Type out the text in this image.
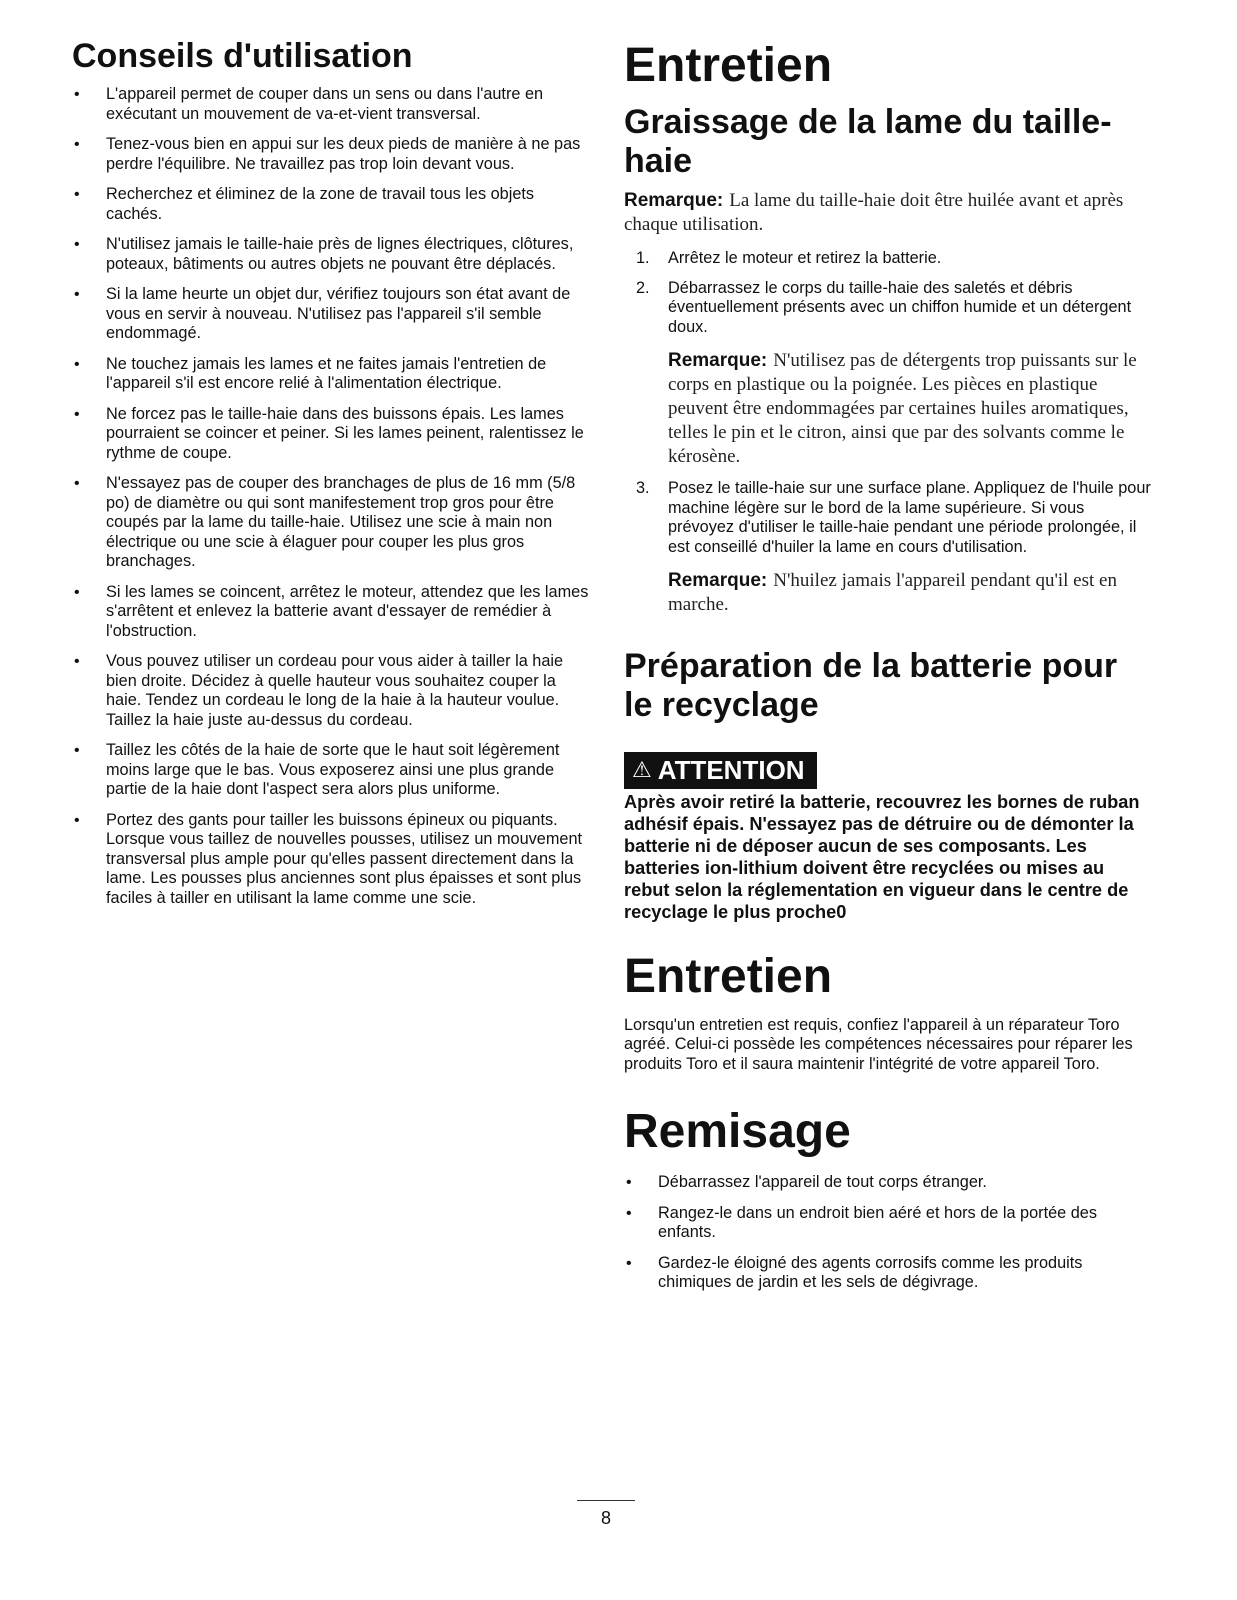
Conseils d'utilisation
• L'appareil permet de couper dans un sens ou dans l'autre en exécutant un mouvement de va-et-vient transversal.
• Tenez-vous bien en appui sur les deux pieds de manière à ne pas perdre l'équilibre. Ne travaillez pas trop loin devant vous.
• Recherchez et éliminez de la zone de travail tous les objets cachés.
• N'utilisez jamais le taille-haie près de lignes électriques, clôtures, poteaux, bâtiments ou autres objets ne pouvant être déplacés.
• Si la lame heurte un objet dur, vérifiez toujours son état avant de vous en servir à nouveau. N'utilisez pas l'appareil s'il semble endommagé.
• Ne touchez jamais les lames et ne faites jamais l'entretien de l'appareil s'il est encore relié à l'alimentation électrique.
• Ne forcez pas le taille-haie dans des buissons épais. Les lames pourraient se coincer et peiner. Si les lames peinent, ralentissez le rythme de coupe.
• N'essayez pas de couper des branchages de plus de 16 mm (5/8 po) de diamètre ou qui sont manifestement trop gros pour être coupés par la lame du taille-haie. Utilisez une scie à main non électrique ou une scie à élaguer pour couper les plus gros branchages.
• Si les lames se coincent, arrêtez le moteur, attendez que les lames s'arrêtent et enlevez la batterie avant d'essayer de remédier à l'obstruction.
• Vous pouvez utiliser un cordeau pour vous aider à tailler la haie bien droite. Décidez à quelle hauteur vous souhaitez couper la haie. Tendez un cordeau le long de la haie à la hauteur voulue. Taillez la haie juste au-dessus du cordeau.
• Taillez les côtés de la haie de sorte que le haut soit légèrement moins large que le bas. Vous exposerez ainsi une plus grande partie de la haie dont l'aspect sera alors plus uniforme.
• Portez des gants pour tailler les buissons épineux ou piquants. Lorsque vous taillez de nouvelles pousses, utilisez un mouvement transversal plus ample pour qu'elles passent directement dans la lame. Les pousses plus anciennes sont plus épaisses et sont plus faciles à tailler en utilisant la lame comme une scie.
Entretien
Graissage de la lame du taille-haie

Remarque: La lame du taille-haie doit être huilée avant et après chaque utilisation.

1. Arrêtez le moteur et retirez la batterie.
2. Débarrassez le corps du taille-haie des saletés et débris éventuellement présents avec un chiffon humide et un détergent doux.

Remarque: N'utilisez pas de détergents trop puissants sur le corps en plastique ou la poignée. Les pièces en plastique peuvent être endommagées par certaines huiles aromatiques, telles le pin et le citron, ainsi que par des solvants comme le kérosène.

3. Posez le taille-haie sur une surface plane. Appliquez de l'huile pour machine légère sur le bord de la lame supérieure. Si vous prévoyez d'utiliser le taille-haie pendant une période prolongée, il est conseillé d'huiler la lame en cours d'utilisation.

Remarque: N'huilez jamais l'appareil pendant qu'il est en marche.

Préparation de la batterie pour le recyclage
⚠ ATTENTION

Après avoir retiré la batterie, recouvrez les bornes de ruban adhésif épais. N'essayez pas de détruire ou de démonter la batterie ni de déposer aucun de ses composants. Les batteries ion-lithium doivent être recyclées ou mises au rebut selon la réglementation en vigueur dans le centre de recyclage le plus proche0

Entretien

Lorsqu'un entretien est requis, confiez l'appareil à un réparateur Toro agréé. Celui-ci possède les compétences nécessaires pour réparer les produits Toro et il saura maintenir l'intégrité de votre appareil Toro.

Remisage
• Débarrassez l'appareil de tout corps étranger.
• Rangez-le dans un endroit bien aéré et hors de la portée des enfants.
• Gardez-le éloigné des agents corrosifs comme les produits chimiques de jardin et les sels de dégivrage.
8
